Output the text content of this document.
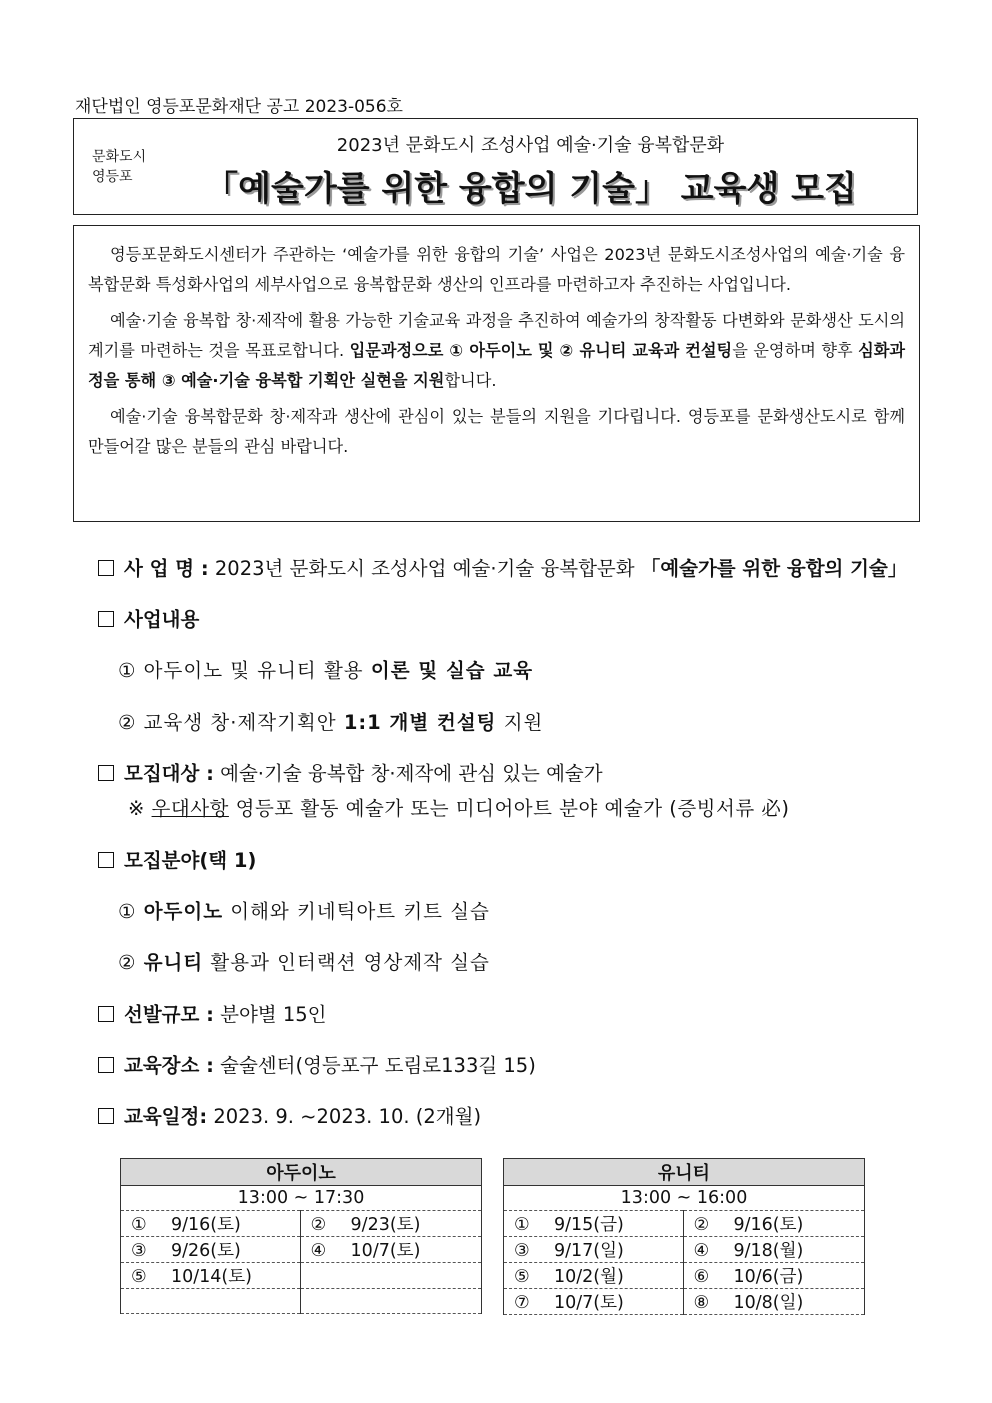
재단법인 영등포문화재단 공고 2023-056호
문화도시
영등포
2023년 문화도시 조성사업 예술·기술 융복합문화
「예술가를 위한 융합의 기술」 교육생 모집

영등포문화도시센터가 주관하는 ‘예술가를 위한 융합의 기술’ 사업은 2023년 문화도시조성사업의 예술·기술 융복합문화 특성화사업의 세부사업으로 융복합문화 생산의 인프라를 마련하고자 추진하는 사업입니다.

예술·기술 융복합 창·제작에 활용 가능한 기술교육 과정을 추진하여 예술가의 창작활동 다변화와 문화생산 도시의 계기를 마련하는 것을 목표로합니다. 입문과정으로 ① 아두이노 및 ② 유니티 교육과 컨설팅을 운영하며 향후 심화과정을 통해 ③ 예술·기술 융복합 기획안 실현을 지원합니다.

예술·기술 융복합문화 창·제작과 생산에 관심이 있는 분들의 지원을 기다립니다. 영등포를 문화생산도시로 함께 만들어갈 많은 분들의 관심 바랍니다.

사 업 명 : 2023년 문화도시 조성사업 예술·기술 융복합문화 「예술가를 위한 융합의 기술」
사업내용
① 아두이노 및 유니티 활용 이론 및 실습 교육
② 교육생 창·제작기획안 1:1 개별 컨설팅 지원
모집대상 : 예술·기술 융복합 창·제작에 관심 있는 예술가
※ 우대사항 영등포 활동 예술가 또는 미디어아트 분야 예술가 (증빙서류 必)
모집분야(택 1)
① 아두이노 이해와 키네틱아트 키트 실습
② 유니티 활용과 인터랙션 영상제작 실습
선발규모 : 분야별 15인
교육장소 : 술술센터(영등포구 도림로133길 15)
교육일정: 2023. 9. ~2023. 10. (2개월)
아두이노	
13:00 ~ 17:30	
① 9/16(토)	② 9/23(토)
③ 9/26(토)	④ 10/7(토)
⑤ 10/14(토)	

유니티	
13:00 ~ 16:00	
① 9/15(금)	② 9/16(토)
③ 9/17(일)	④ 9/18(월)
⑤ 10/2(월)	⑥ 10/6(금)
⑦ 10/7(토)	⑧ 10/8(일)
